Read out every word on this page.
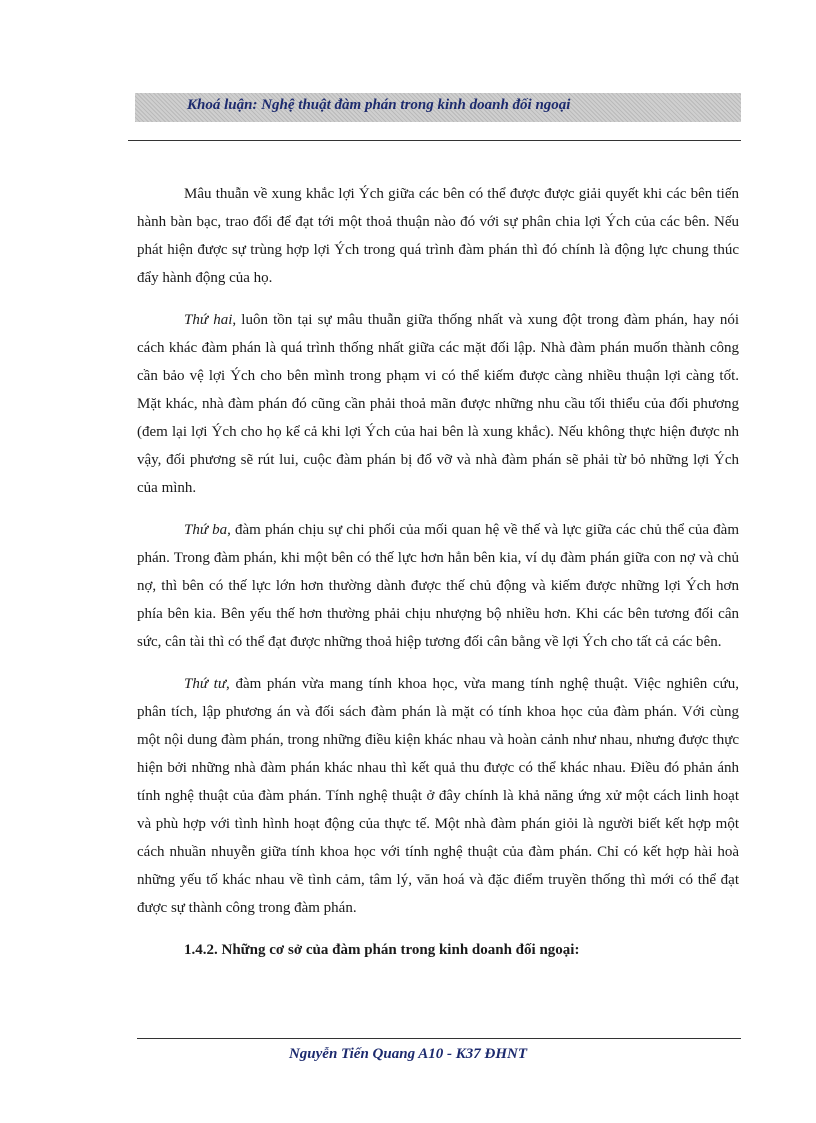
Khoá luận: Nghệ thuật đàm phán trong kinh doanh đối ngoại

Mâu thuẫn về xung khắc lợi Ých giữa các bên có thể được được giải quyết khi các bên tiến hành bàn bạc, trao đổi để đạt tới một thoả thuận nào đó với sự phân chia lợi Ých của các bên. Nếu phát hiện được sự trùng hợp lợi Ých trong quá trình đàm phán thì đó chính là động lực chung thúc đẩy hành động của họ.

Thứ hai, luôn tồn tại sự mâu thuẫn giữa thống nhất và xung đột trong đàm phán, hay nói cách khác đàm phán là quá trình thống nhất giữa các mặt đối lập. Nhà đàm phán muốn thành công cần bảo vệ lợi Ých cho bên mình trong phạm vi có thể kiếm được càng nhiều thuận lợi càng tốt. Mặt khác, nhà đàm phán đó cũng cần phải thoả mãn được những nhu cầu tối thiểu của đối phương (đem lại lợi Ých cho họ kể cả khi lợi Ých của hai bên là xung khắc). Nếu không thực hiện được nh vậy, đối phương sẽ rút lui, cuộc đàm phán bị đổ vỡ và nhà đàm phán sẽ phải từ bỏ những lợi Ých của mình.

Thứ ba, đàm phán chịu sự chi phối của mối quan hệ về thế và lực giữa các chủ thể của đàm phán. Trong đàm phán, khi một bên có thế lực hơn hẳn bên kia, ví dụ đàm phán giữa con nợ và chủ nợ, thì bên có thế lực lớn hơn thường dành được thế chủ động và kiếm được những lợi Ých hơn phía bên kia. Bên yếu thế hơn thường phải chịu nhượng bộ nhiều hơn. Khi các bên tương đối cân sức, cân tài thì có thể đạt được những thoả hiệp tương đối cân bằng về lợi Ých cho tất cả các bên.

Thứ tư, đàm phán vừa mang tính khoa học, vừa mang tính nghệ thuật. Việc nghiên cứu, phân tích, lập phương án và đối sách đàm phán là mặt có tính khoa học của đàm phán. Với cùng một nội dung đàm phán, trong những điều kiện khác nhau và hoàn cảnh như nhau, nhưng được thực hiện bởi những nhà đàm phán khác nhau thì kết quả thu được có thể khác nhau. Điều đó phản ánh tính nghệ thuật của đàm phán. Tính nghệ thuật ở đây chính là khả năng ứng xử một cách linh hoạt và phù hợp với tình hình hoạt động của thực tế. Một nhà đàm phán giỏi là người biết kết hợp một cách nhuần nhuyễn giữa tính khoa học với tính nghệ thuật của đàm phán. Chỉ có kết hợp hài hoà những yếu tố khác nhau về tình cảm, tâm lý, văn hoá và đặc điểm truyền thống thì mới có thể đạt được sự thành công trong đàm phán.

1.4.2. Những cơ sở của đàm phán trong kinh doanh đối ngoại:
Nguyễn Tiến Quang A10 - K37 ĐHNT
